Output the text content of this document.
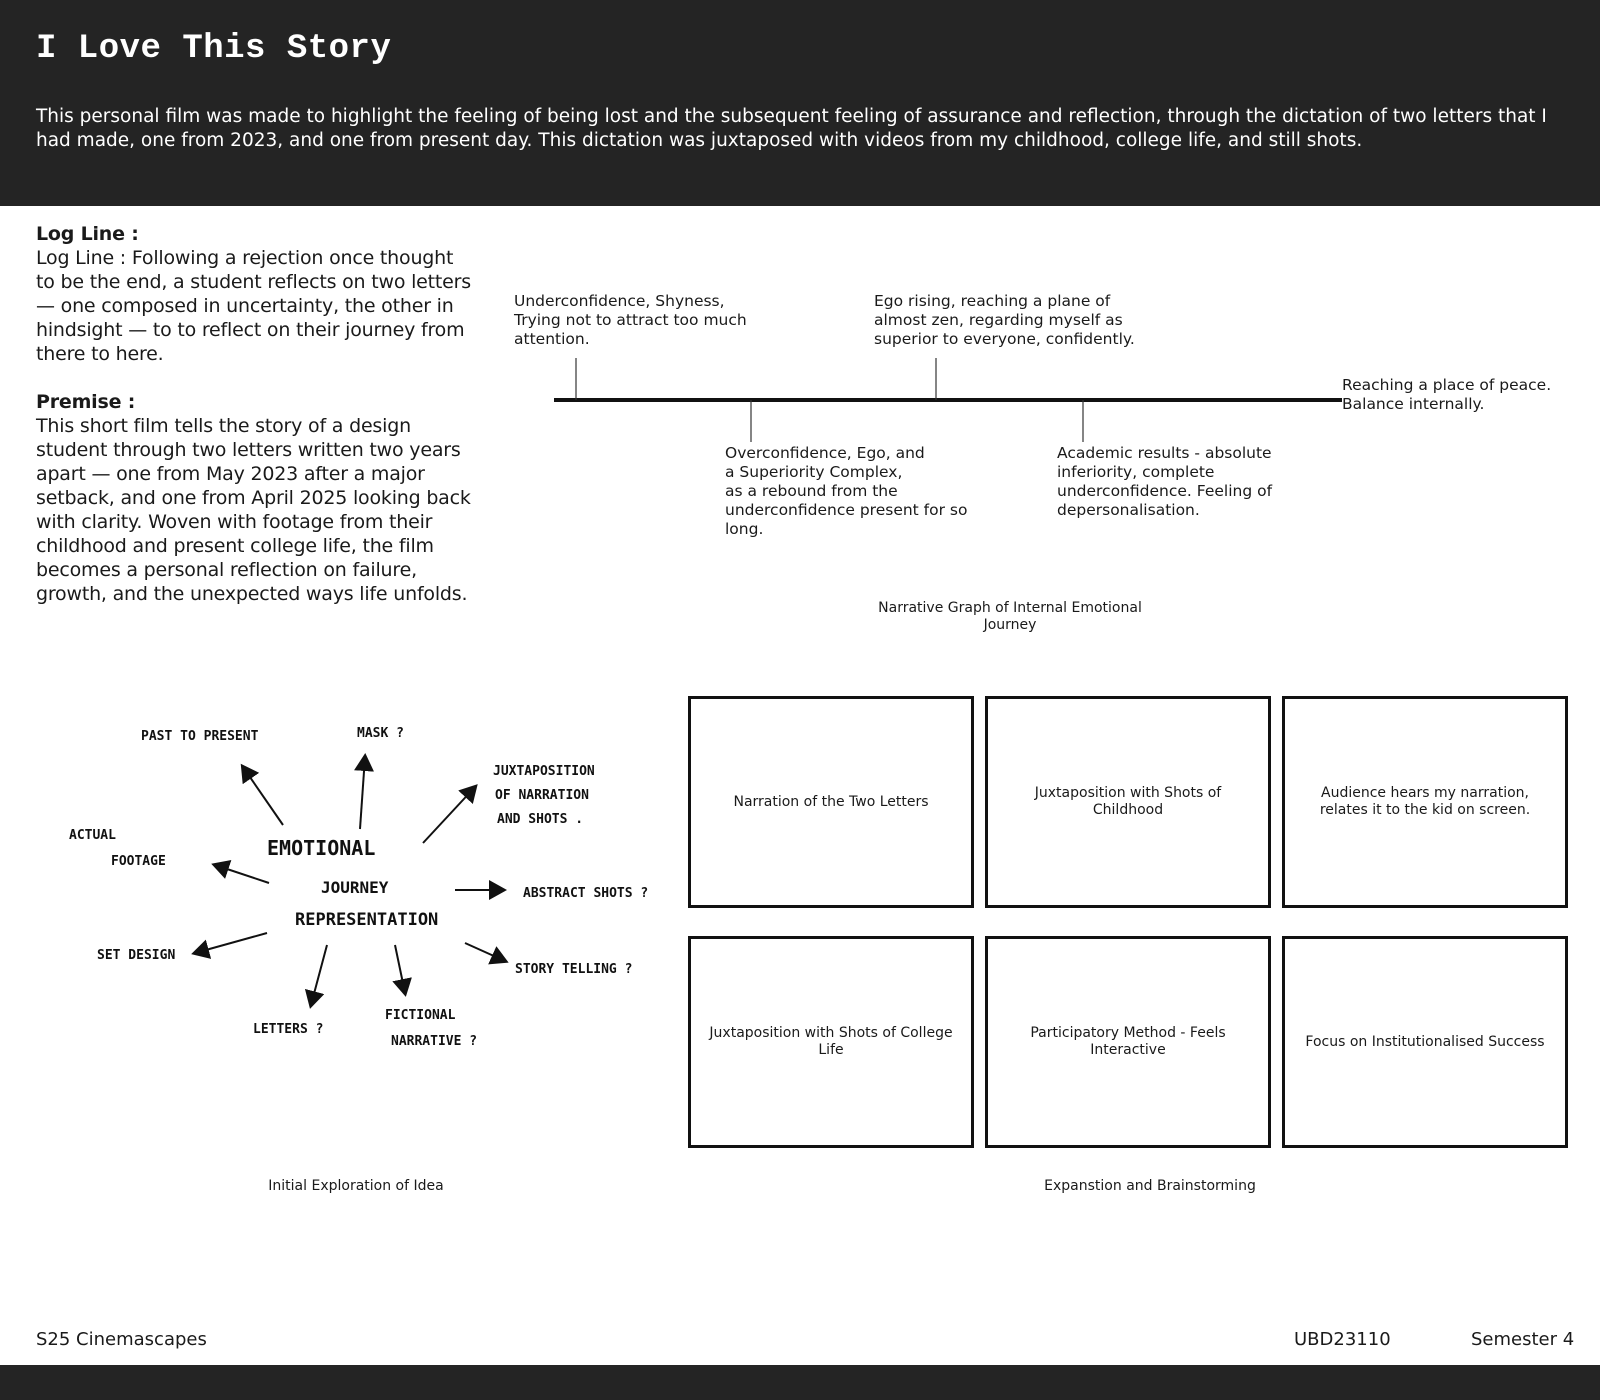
I Love This Story

This personal film was made to highlight the feeling of being lost and the subsequent feeling of assurance and reflection, through the dictation of two letters that I had made, one from 2023, and one from present day. This dictation was juxtaposed with videos from my childhood, college life, and still shots.

Log Line :

Log Line : Following a rejection once thought to be the end, a student reflects on two letters — one composed in uncertainty, the other in hindsight — to to reflect on their journey from there to here.

Premise :

This short film tells the story of a design student through two letters written two years apart — one from May 2023 after a major setback, and one from April 2025 looking back with clarity. Woven with footage from their childhood and present college life, the film becomes a personal reflection on failure, growth, and the unexpected ways life unfolds.

Underconfidence, Shyness,
Trying not to attract too much
attention.

Ego rising, reaching a plane of
almost zen, regarding myself as
superior to everyone, confidently.

Overconfidence, Ego, and
a Superiority Complex,
as a rebound from the
underconfidence present for so
long.

Academic results - absolute
inferiority, complete
underconfidence. Feeling of
depersonalisation.

Reaching a place of peace.
Balance internally.

Narrative Graph of Internal Emotional
Journey

EMOTIONAL
JOURNEY
REPRESENTATION
PAST TO PRESENT	MASK ?
JUXTAPOSITION
OF NARRATION
AND SHOTS .
ACTUAL
FOOTAGE
ABSTRACT SHOTS ?
SET DESIGN
STORY TELLING ?
LETTERS ?
FICTIONAL
NARRATIVE ?

Initial Exploration of Idea

Narration of the Two Letters
Juxtaposition with Shots of Childhood
Audience hears my narration, relates it to the kid on screen.
Juxtaposition with Shots of College Life
Participatory Method - Feels Interactive
Focus on Institutionalised Success

Expanstion and Brainstorming

S25 Cinemascapes	UBD23110	Semester 4
